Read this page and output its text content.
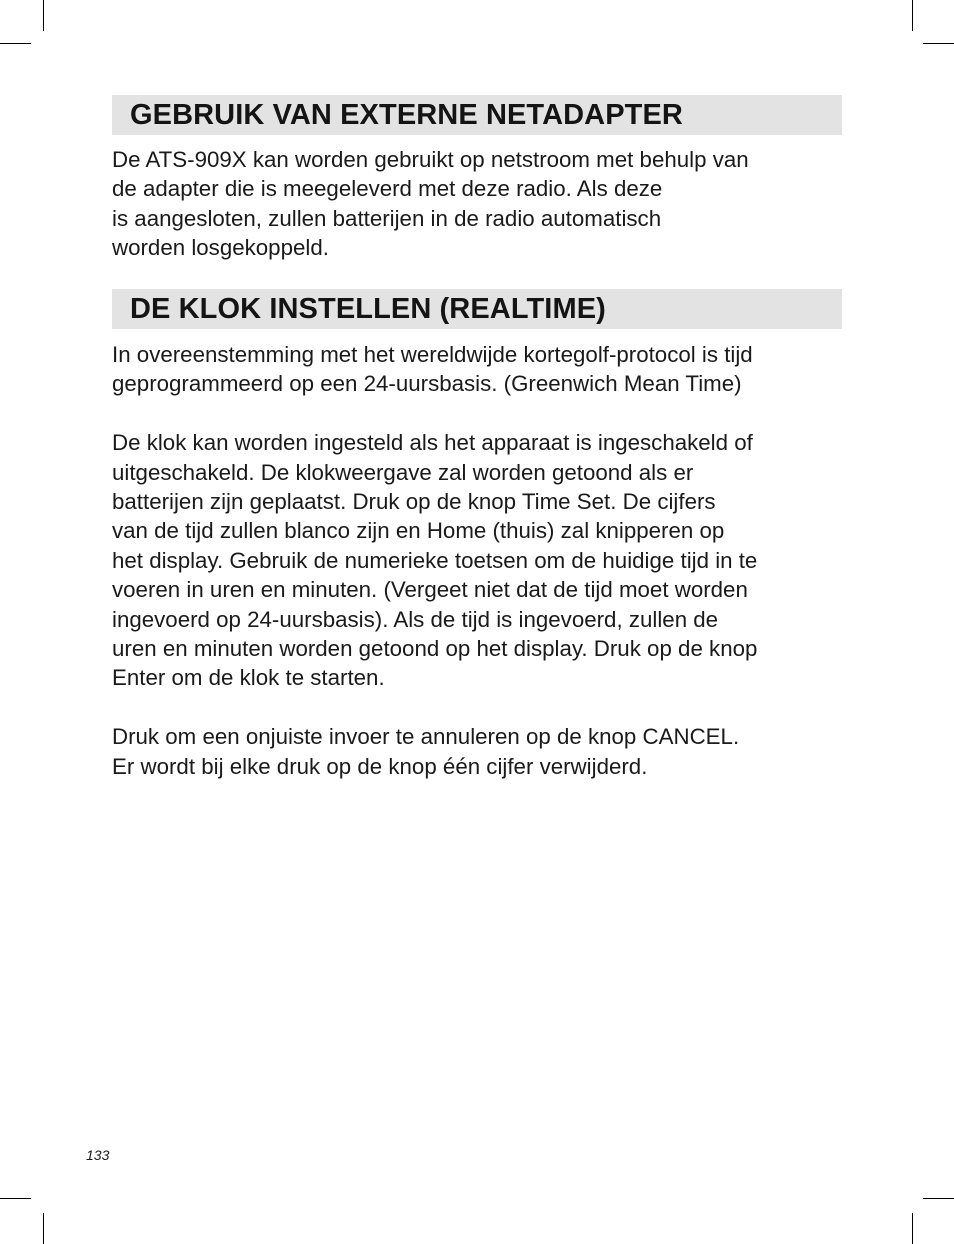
GEBRUIK VAN EXTERNE NETADAPTER

De ATS-909X kan worden gebruikt op netstroom met behulp van
de adapter die is meegeleverd met deze radio. Als deze
is aangesloten, zullen batterijen in de radio automatisch
worden losgekoppeld.

DE KLOK INSTELLEN (REALTIME)

In overeenstemming met het wereldwijde kortegolf-protocol is tijd
geprogrammeerd op een 24-uursbasis. (Greenwich Mean Time)

De klok kan worden ingesteld als het apparaat is ingeschakeld of
uitgeschakeld. De klokweergave zal worden getoond als er
batterijen zijn geplaatst. Druk op de knop Time Set. De cijfers
van de tijd zullen blanco zijn en Home (thuis) zal knipperen op
het display. Gebruik de numerieke toetsen om de huidige tijd in te
voeren in uren en minuten. (Vergeet niet dat de tijd moet worden
ingevoerd op 24-uursbasis). Als de tijd is ingevoerd, zullen de
uren en minuten worden getoond op het display. Druk op de knop
Enter om de klok te starten.

Druk om een onjuiste invoer te annuleren op de knop CANCEL.
Er wordt bij elke druk op de knop één cijfer verwijderd.

133
